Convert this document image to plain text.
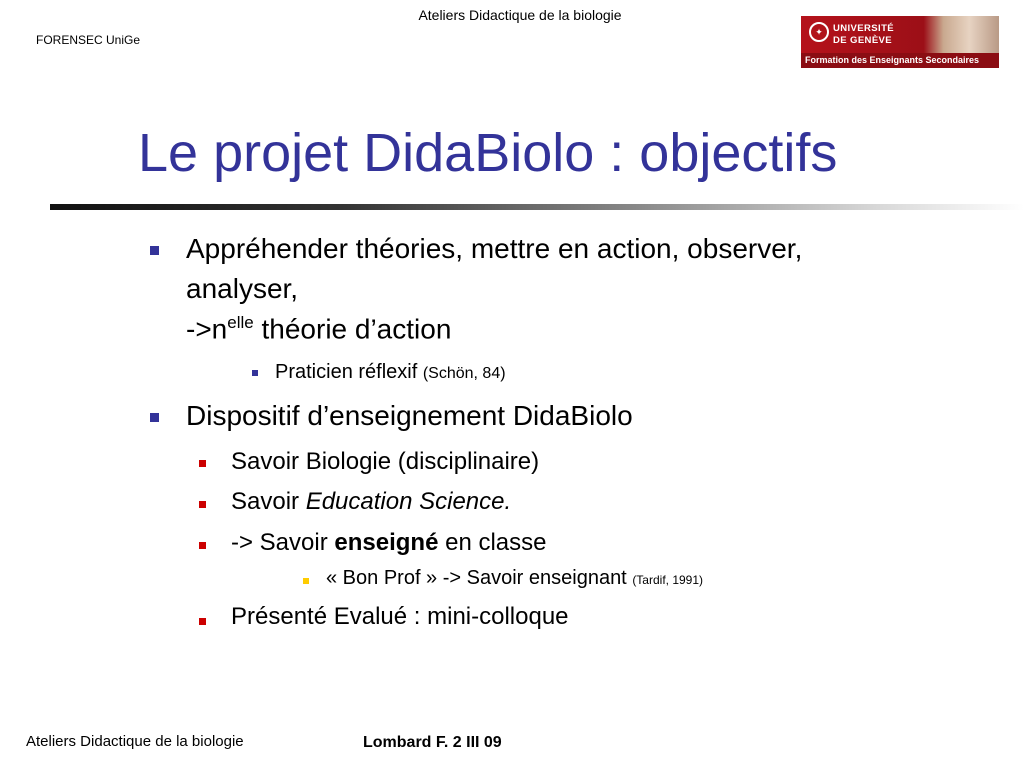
Ateliers Didactique de la biologie
FORENSEC UniGe
✦	UNIVERSITÉ
DE GENÈVE
Formation des Enseignants Secondaires
Le projet DidaBiolo : objectifs
Appréhender théories, mettre en action, observer,
analyser,
$->n^{elle}$ théorie d’action
Praticien réflexif (Schön, 84)
Dispositif d’enseignement DidaBiolo
Savoir Biologie (disciplinaire)
Savoir Education Science.
-> Savoir enseigné en classe
« Bon Prof » -> Savoir enseignant (Tardif, 1991)
Présenté Evalué : mini-colloque
Ateliers Didactique de la biologie	Lombard F. 2 III 09
